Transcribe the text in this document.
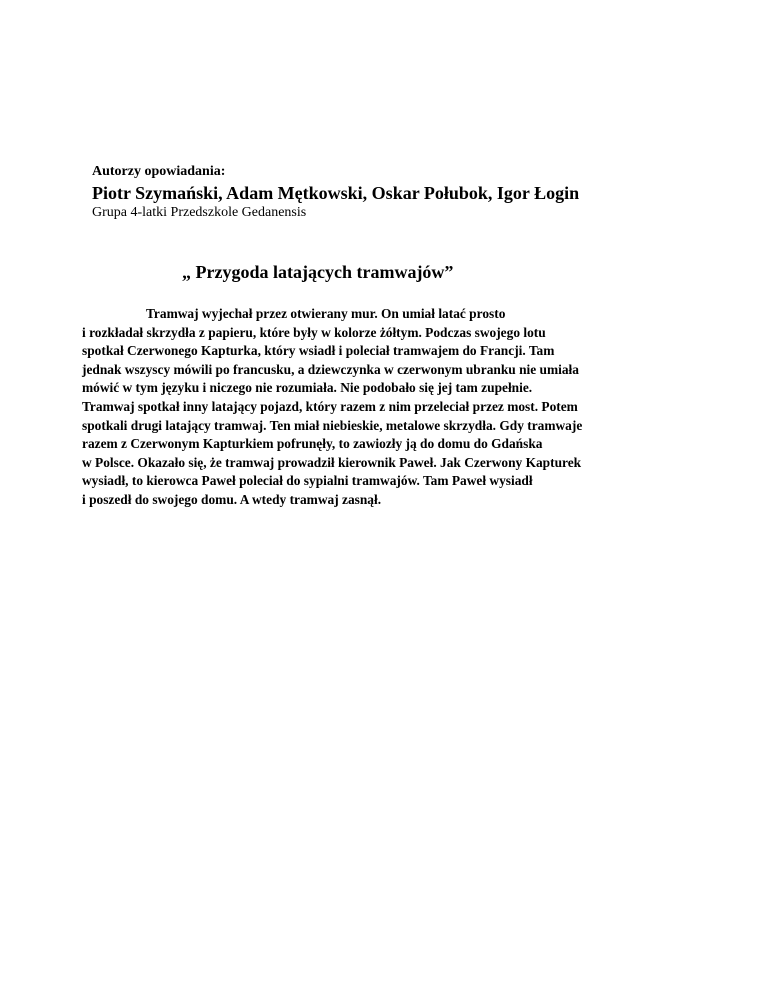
Autorzy opowiadania:
Piotr Szymański, Adam Mętkowski, Oskar Połubok, Igor Łogin
Grupa 4-latki Przedszkole Gedanensis
„ Przygoda latających tramwajów”
Tramwaj wyjechał przez otwierany mur. On umiał latać prosto
i rozkładał skrzydła z papieru, które były w kolorze żółtym. Podczas swojego lotu
spotkał Czerwonego Kapturka, który wsiadł i poleciał tramwajem do Francji. Tam
jednak wszyscy mówili po francusku, a dziewczynka w czerwonym ubranku nie umiała
mówić w tym języku i niczego nie rozumiała. Nie podobało się jej tam zupełnie.
Tramwaj spotkał inny latający pojazd, który razem z nim przeleciał przez most. Potem
spotkali drugi latający tramwaj. Ten miał niebieskie, metalowe skrzydła. Gdy tramwaje
razem z Czerwonym Kapturkiem pofrunęły, to zawiozły ją do domu do Gdańska
w Polsce. Okazało się, że tramwaj prowadził kierownik Paweł. Jak Czerwony Kapturek
wysiadł, to kierowca Paweł poleciał do sypialni tramwajów. Tam Paweł wysiadł
i poszedł do swojego domu. A wtedy tramwaj zasnął.
